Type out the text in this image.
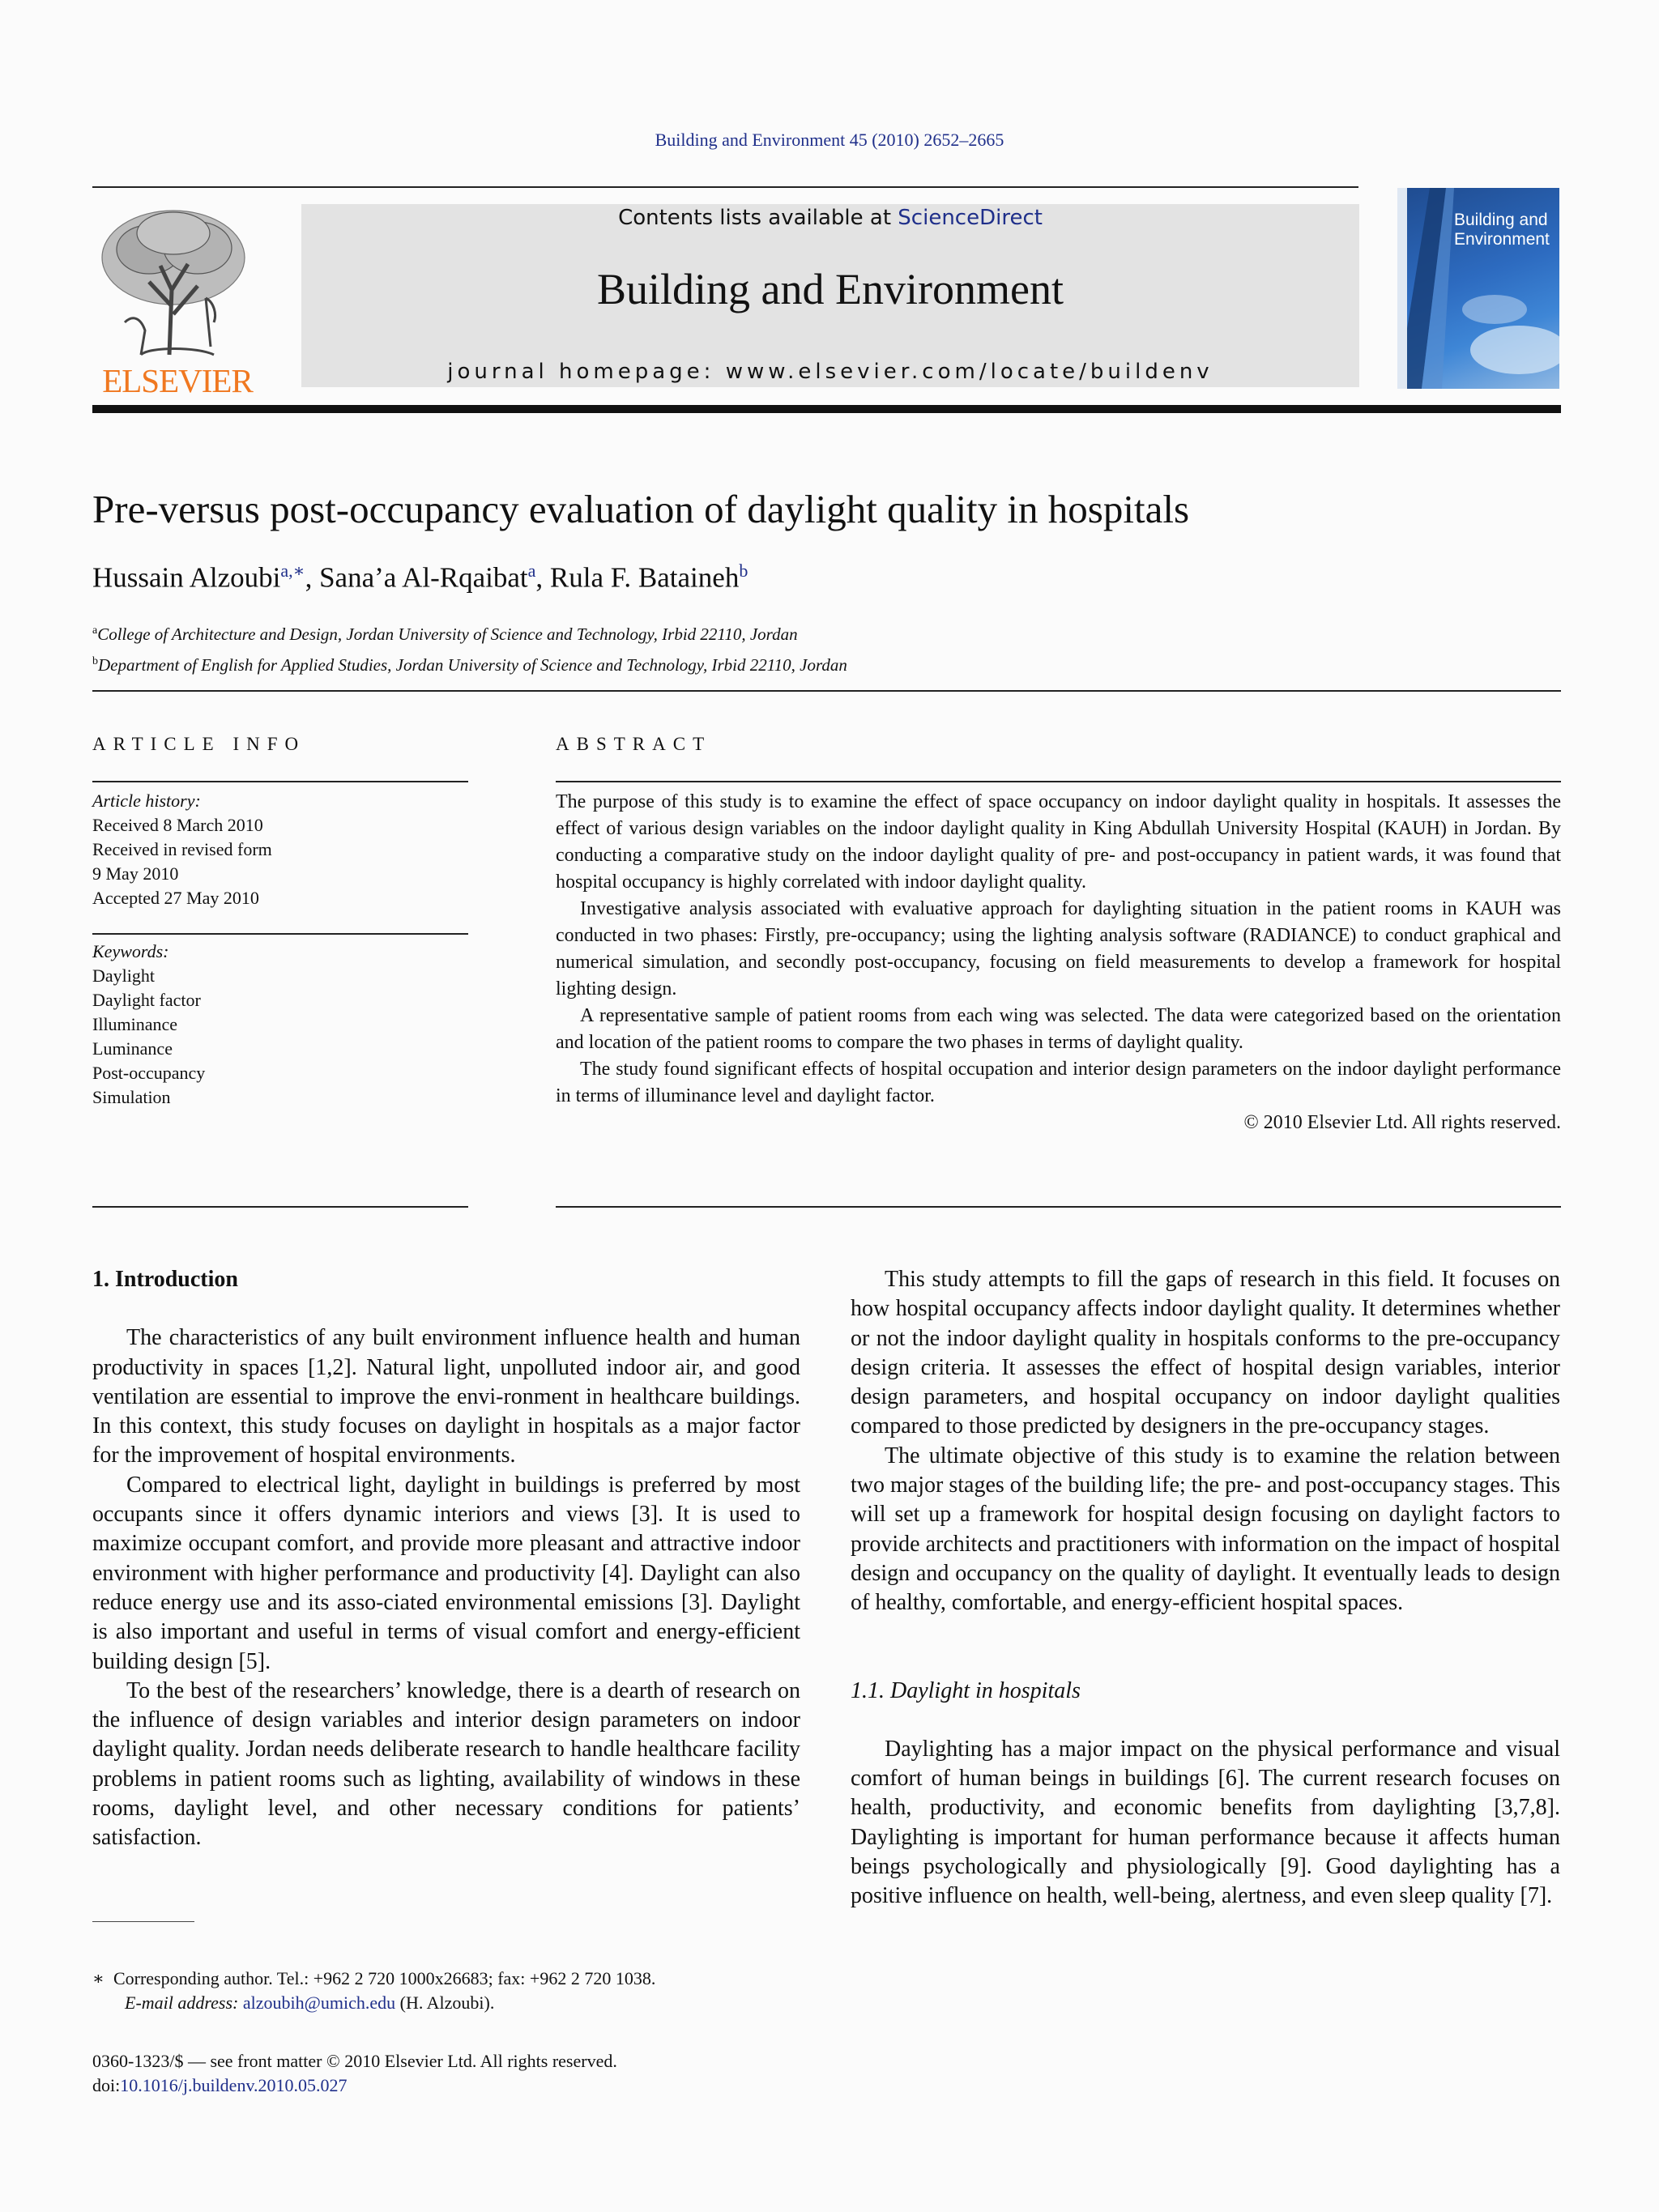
Building and Environment 45 (2010) 2652–2665
ELSEVIER
Contents lists available at ScienceDirect
Building and Environment
journal homepage: www.elsevier.com/locate/buildenv
Building and Environment
Pre-versus post-occupancy evaluation of daylight quality in hospitals
Hussain Alzoubi$^{a,∗}$, Sana’a Al-Rqaibat$^a$, Rula F. Bataineh$^b$
$^a$College of Architecture and Design, Jordan University of Science and Technology, Irbid 22110, Jordan
$^b$Department of English for Applied Studies, Jordan University of Science and Technology, Irbid 22110, Jordan
ARTICLE INFO	ABSTRACT
Article history:
Received 8 March 2010
Received in revised form
9 May 2010
Accepted 27 May 2010
Keywords:
Daylight
Daylight factor
Illuminance
Luminance
Post-occupancy
Simulation

The purpose of this study is to examine the effect of space occupancy on indoor daylight quality in hospitals. It assesses the effect of various design variables on the indoor daylight quality in King Abdullah University Hospital (KAUH) in Jordan. By conducting a comparative study on the indoor daylight quality of pre- and post-occupancy in patient wards, it was found that hospital occupancy is highly correlated with indoor daylight quality.

Investigative analysis associated with evaluative approach for daylighting situation in the patient rooms in KAUH was conducted in two phases: Firstly, pre-occupancy; using the lighting analysis software (RADIANCE) to conduct graphical and numerical simulation, and secondly post-occupancy, focusing on field measurements to develop a framework for hospital lighting design.

A representative sample of patient rooms from each wing was selected. The data were categorized based on the orientation and location of the patient rooms to compare the two phases in terms of daylight quality.

The study found significant effects of hospital occupation and interior design parameters on the indoor daylight performance in terms of illuminance level and daylight factor.

© 2010 Elsevier Ltd. All rights reserved.

1. Introduction

The characteristics of any built environment influence health and human productivity in spaces [1,2]. Natural light, unpolluted indoor air, and good ventilation are essential to improve the envi-ronment in healthcare buildings. In this context, this study focuses on daylight in hospitals as a major factor for the improvement of hospital environments.

Compared to electrical light, daylight in buildings is preferred by most occupants since it offers dynamic interiors and views [3]. It is used to maximize occupant comfort, and provide more pleasant and attractive indoor environment with higher performance and productivity [4]. Daylight can also reduce energy use and its asso-ciated environmental emissions [3]. Daylight is also important and useful in terms of visual comfort and energy-efficient building design [5].

To the best of the researchers’ knowledge, there is a dearth of research on the influence of design variables and interior design parameters on indoor daylight quality. Jordan needs deliberate research to handle healthcare facility problems in patient rooms such as lighting, availability of windows in these rooms, daylight level, and other necessary conditions for patients’ satisfaction.

This study attempts to fill the gaps of research in this field. It focuses on how hospital occupancy affects indoor daylight quality. It determines whether or not the indoor daylight quality in hospitals conforms to the pre-occupancy design criteria. It assesses the effect of hospital design variables, interior design parameters, and hospital occupancy on indoor daylight qualities compared to those predicted by designers in the pre-occupancy stages.

The ultimate objective of this study is to examine the relation between two major stages of the building life; the pre- and post-occupancy stages. This will set up a framework for hospital design focusing on daylight factors to provide architects and practitioners with information on the impact of hospital design and occupancy on the quality of daylight. It eventually leads to design of healthy, comfortable, and energy-efficient hospital spaces.

1.1. Daylight in hospitals

Daylighting has a major impact on the physical performance and visual comfort of human beings in buildings [6]. The current research focuses on health, productivity, and economic benefits from daylighting [3,7,8]. Daylighting is important for human performance because it affects human beings psychologically and physiologically [9]. Good daylighting has a positive influence on health, well-being, alertness, and even sleep quality [7].

∗ Corresponding author. Tel.: +962 2 720 1000x26683; fax: +962 2 720 1038.
E-mail address: alzoubih@umich.edu (H. Alzoubi).
0360-1323/$ — see front matter © 2010 Elsevier Ltd. All rights reserved.
doi:10.1016/j.buildenv.2010.05.027
